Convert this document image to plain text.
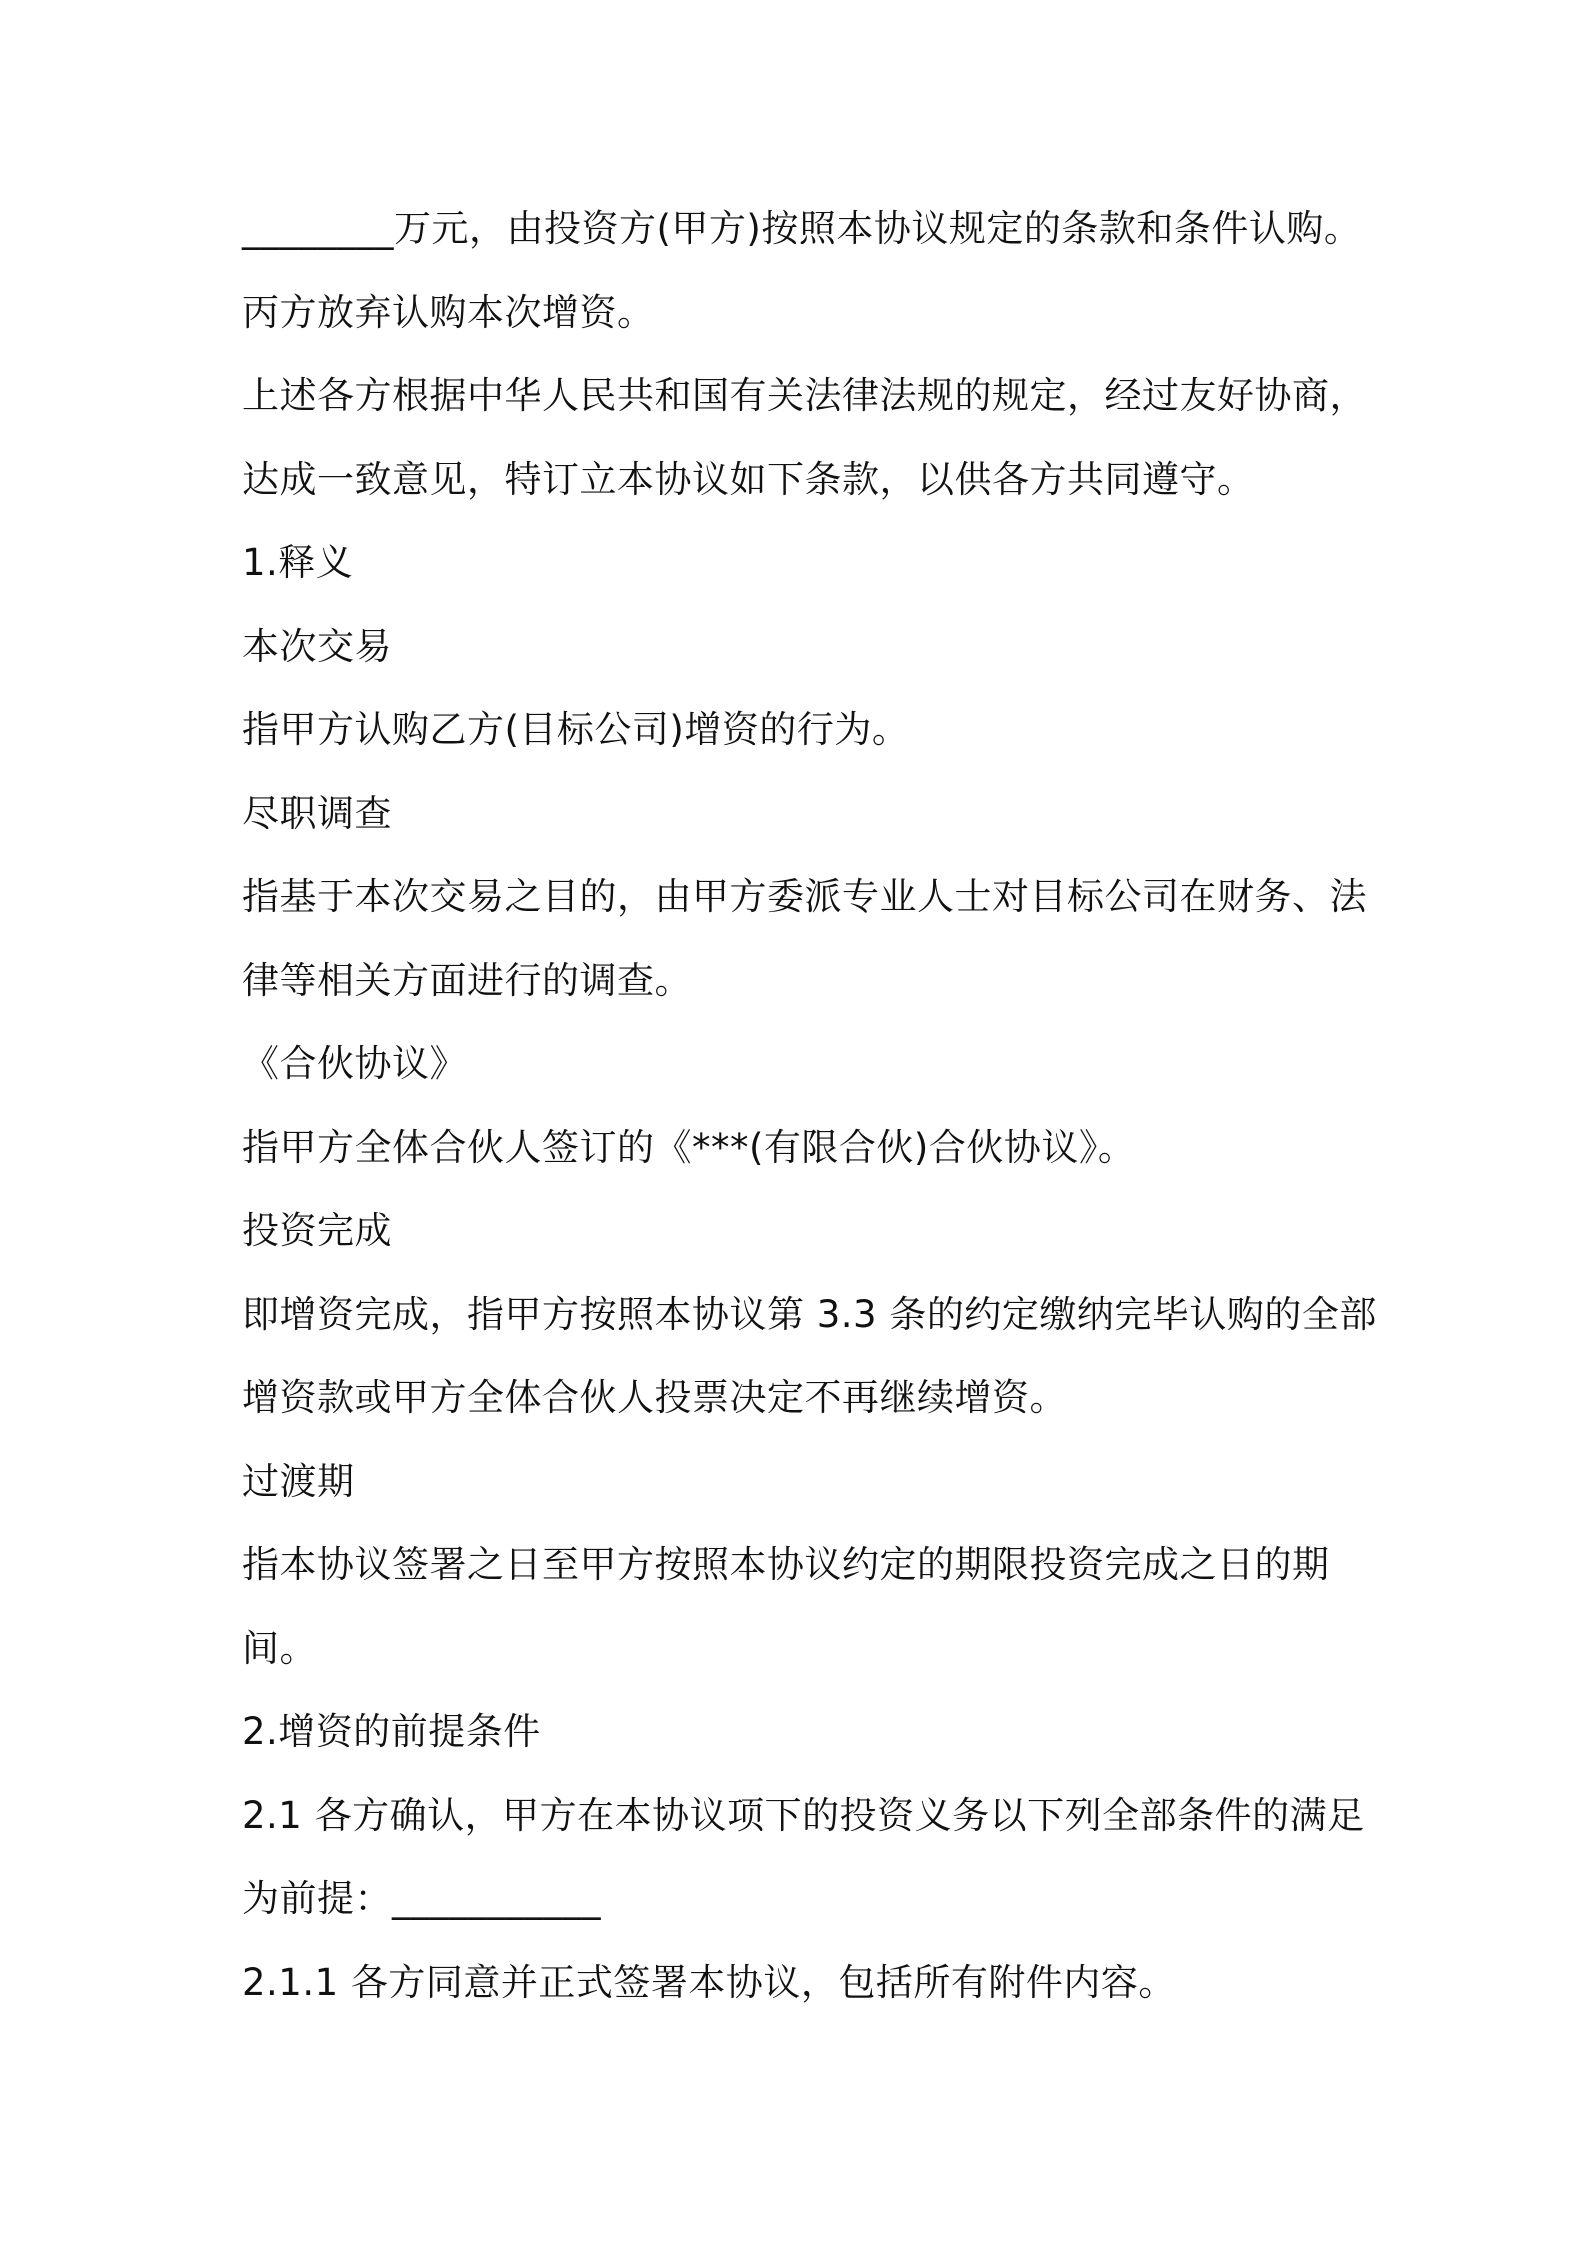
________万元，由投资方(甲方)按照本协议规定的条款和条件认购。

丙方放弃认购本次增资。

上述各方根据中华人民共和国有关法律法规的规定，经过友好协商，

达成一致意见，特订立本协议如下条款，以供各方共同遵守。

1.释义

本次交易

指甲方认购乙方(目标公司)增资的行为。

尽职调查

指基于本次交易之目的，由甲方委派专业人士对目标公司在财务、法

律等相关方面进行的调查。

《合伙协议》

指甲方全体合伙人签订的《***(有限合伙)合伙协议》。

投资完成

即增资完成，指甲方按照本协议第 3.3 条的约定缴纳完毕认购的全部

增资款或甲方全体合伙人投票决定不再继续增资。

过渡期

指本协议签署之日至甲方按照本协议约定的期限投资完成之日的期

间。

2.增资的前提条件

2.1 各方确认，甲方在本协议项下的投资义务以下列全部条件的满足

为前提：___________

2.1.1 各方同意并正式签署本协议，包括所有附件内容。
